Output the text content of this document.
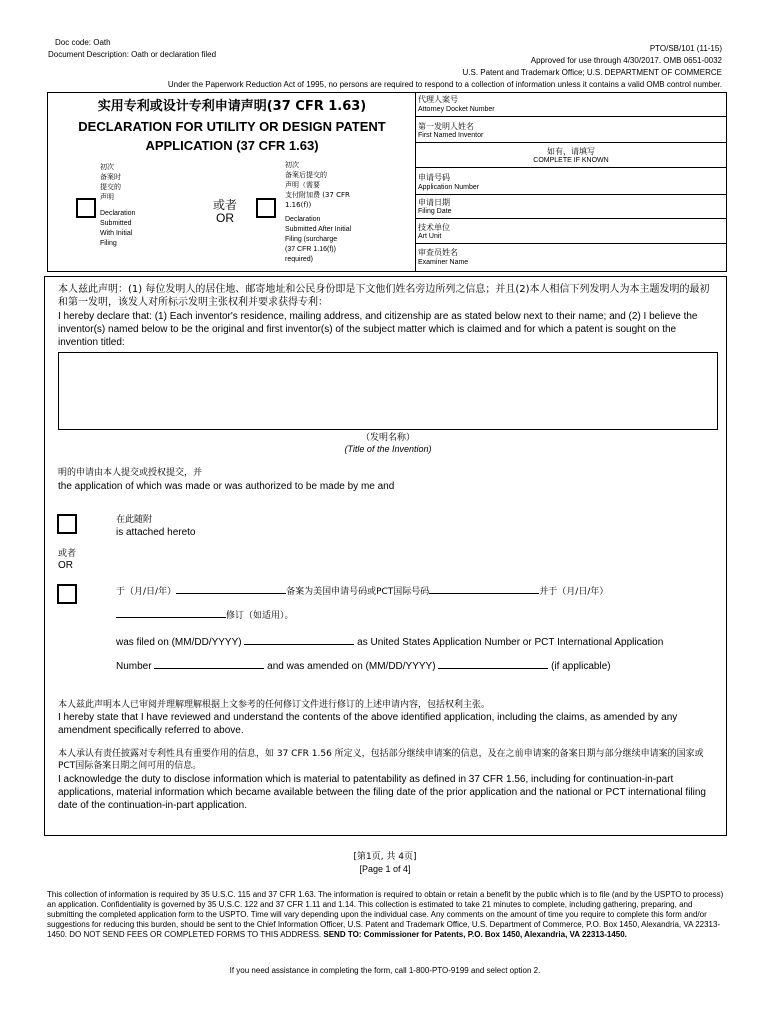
Doc code: Oath
Document Description: Oath or declaration filed
PTO/SB/101 (11-15)
Approved for use through 4/30/2017. OMB 0651-0032
U.S. Patent and Trademark Office; U.S. DEPARTMENT OF COMMERCE
Under the Paperwork Reduction Act of 1995, no persons are required to respond to a collection of information unless it contains a valid OMB control number.
实用专利或设计专利申请声明(37 CFR 1.63)
DECLARATION FOR UTILITY OR DESIGN PATENT
APPLICATION (37 CFR 1.63)
初次
备案时
提交的
声明
Declaration
Submitted
With Initial
Filing
或者
OR
初次
备案后提交的
声明（需要
支付附加费 (37 CFR
1.16(f))
Declaration
Submitted After Initial
Filing (surcharge
(37 CFR 1.16(f))
required)
代理人案号
Attorney Docket Number
第一发明人姓名
First Named Inventor
如有，请填写
COMPLETE IF KNOWN
申请号码
Application Number
申请日期
Filing Date
技术单位
Art Unit
审查员姓名
Examiner Name
本人兹此声明：(1) 每位发明人的居住地、邮寄地址和公民身份即是下文他们姓名旁边所列之信息；并且(2)本人相信下列发明人为本主题发明的最初和第一发明，该发人对所标示发明主张权利并要求获得专利：
I hereby declare that: (1) Each inventor's residence, mailing address, and citizenship are as stated below next to their name; and (2) I believe the inventor(s) named below to be the original and first inventor(s) of the subject matter which is claimed and for which a patent is sought on the invention titled:
（发明名称）
(Title of the Invention)
明的申请由本人提交或授权提交，并
the application of which was made or was authorized to be made by me and
在此随附
is attached hereto
或者
OR
于（月/日/年）	备案为美国申请号码或PCT国际号码	并于（月/日/年）
修订（如适用）。
was filed on (MM/DD/YYYY)	as United States Application Number or PCT International Application
Number	and was amended on (MM/DD/YYYY)	(if applicable)
本人兹此声明本人已审阅并理解理解根据上文参考的任何修订文件进行修订的上述申请内容，包括权利主张。
I hereby state that I have reviewed and understand the contents of the above identified application, including the claims, as amended by any amendment specifically referred to above.
本人承认有责任披露对专利性具有重要作用的信息，如 37 CFR 1.56 所定义，包括部分继续申请案的信息，及在之前申请案的备案日期与部分继续申请案的国家或PCT国际备案日期之间可用的信息。
I acknowledge the duty to disclose information which is material to patentability as defined in 37 CFR 1.56, including for continuation-in-part applications, material information which became available between the filing date of the prior application and the national or PCT international filing date of the continuation-in-part application.
[第1页, 共 4页]
[Page 1 of 4]
This collection of information is required by 35 U.S.C. 115 and 37 CFR 1.63. The information is required to obtain or retain a benefit by the public which is to file (and by the USPTO to process) an application. Confidentiality is governed by 35 U.S.C. 122 and 37 CFR 1.11 and 1.14. This collection is estimated to take 21 minutes to complete, including gathering, preparing, and submitting the completed application form to the USPTO. Time will vary depending upon the individual case. Any comments on the amount of time you require to complete this form and/or suggestions for reducing this burden, should be sent to the Chief Information Officer, U.S. Patent and Trademark Office, U.S. Department of Commerce, P.O. Box 1450, Alexandria, VA 22313-1450. DO NOT SEND FEES OR COMPLETED FORMS TO THIS ADDRESS. SEND TO: Commissioner for Patents, P.O. Box 1450, Alexandria, VA 22313-1450.
If you need assistance in completing the form, call 1-800-PTO-9199 and select option 2.
